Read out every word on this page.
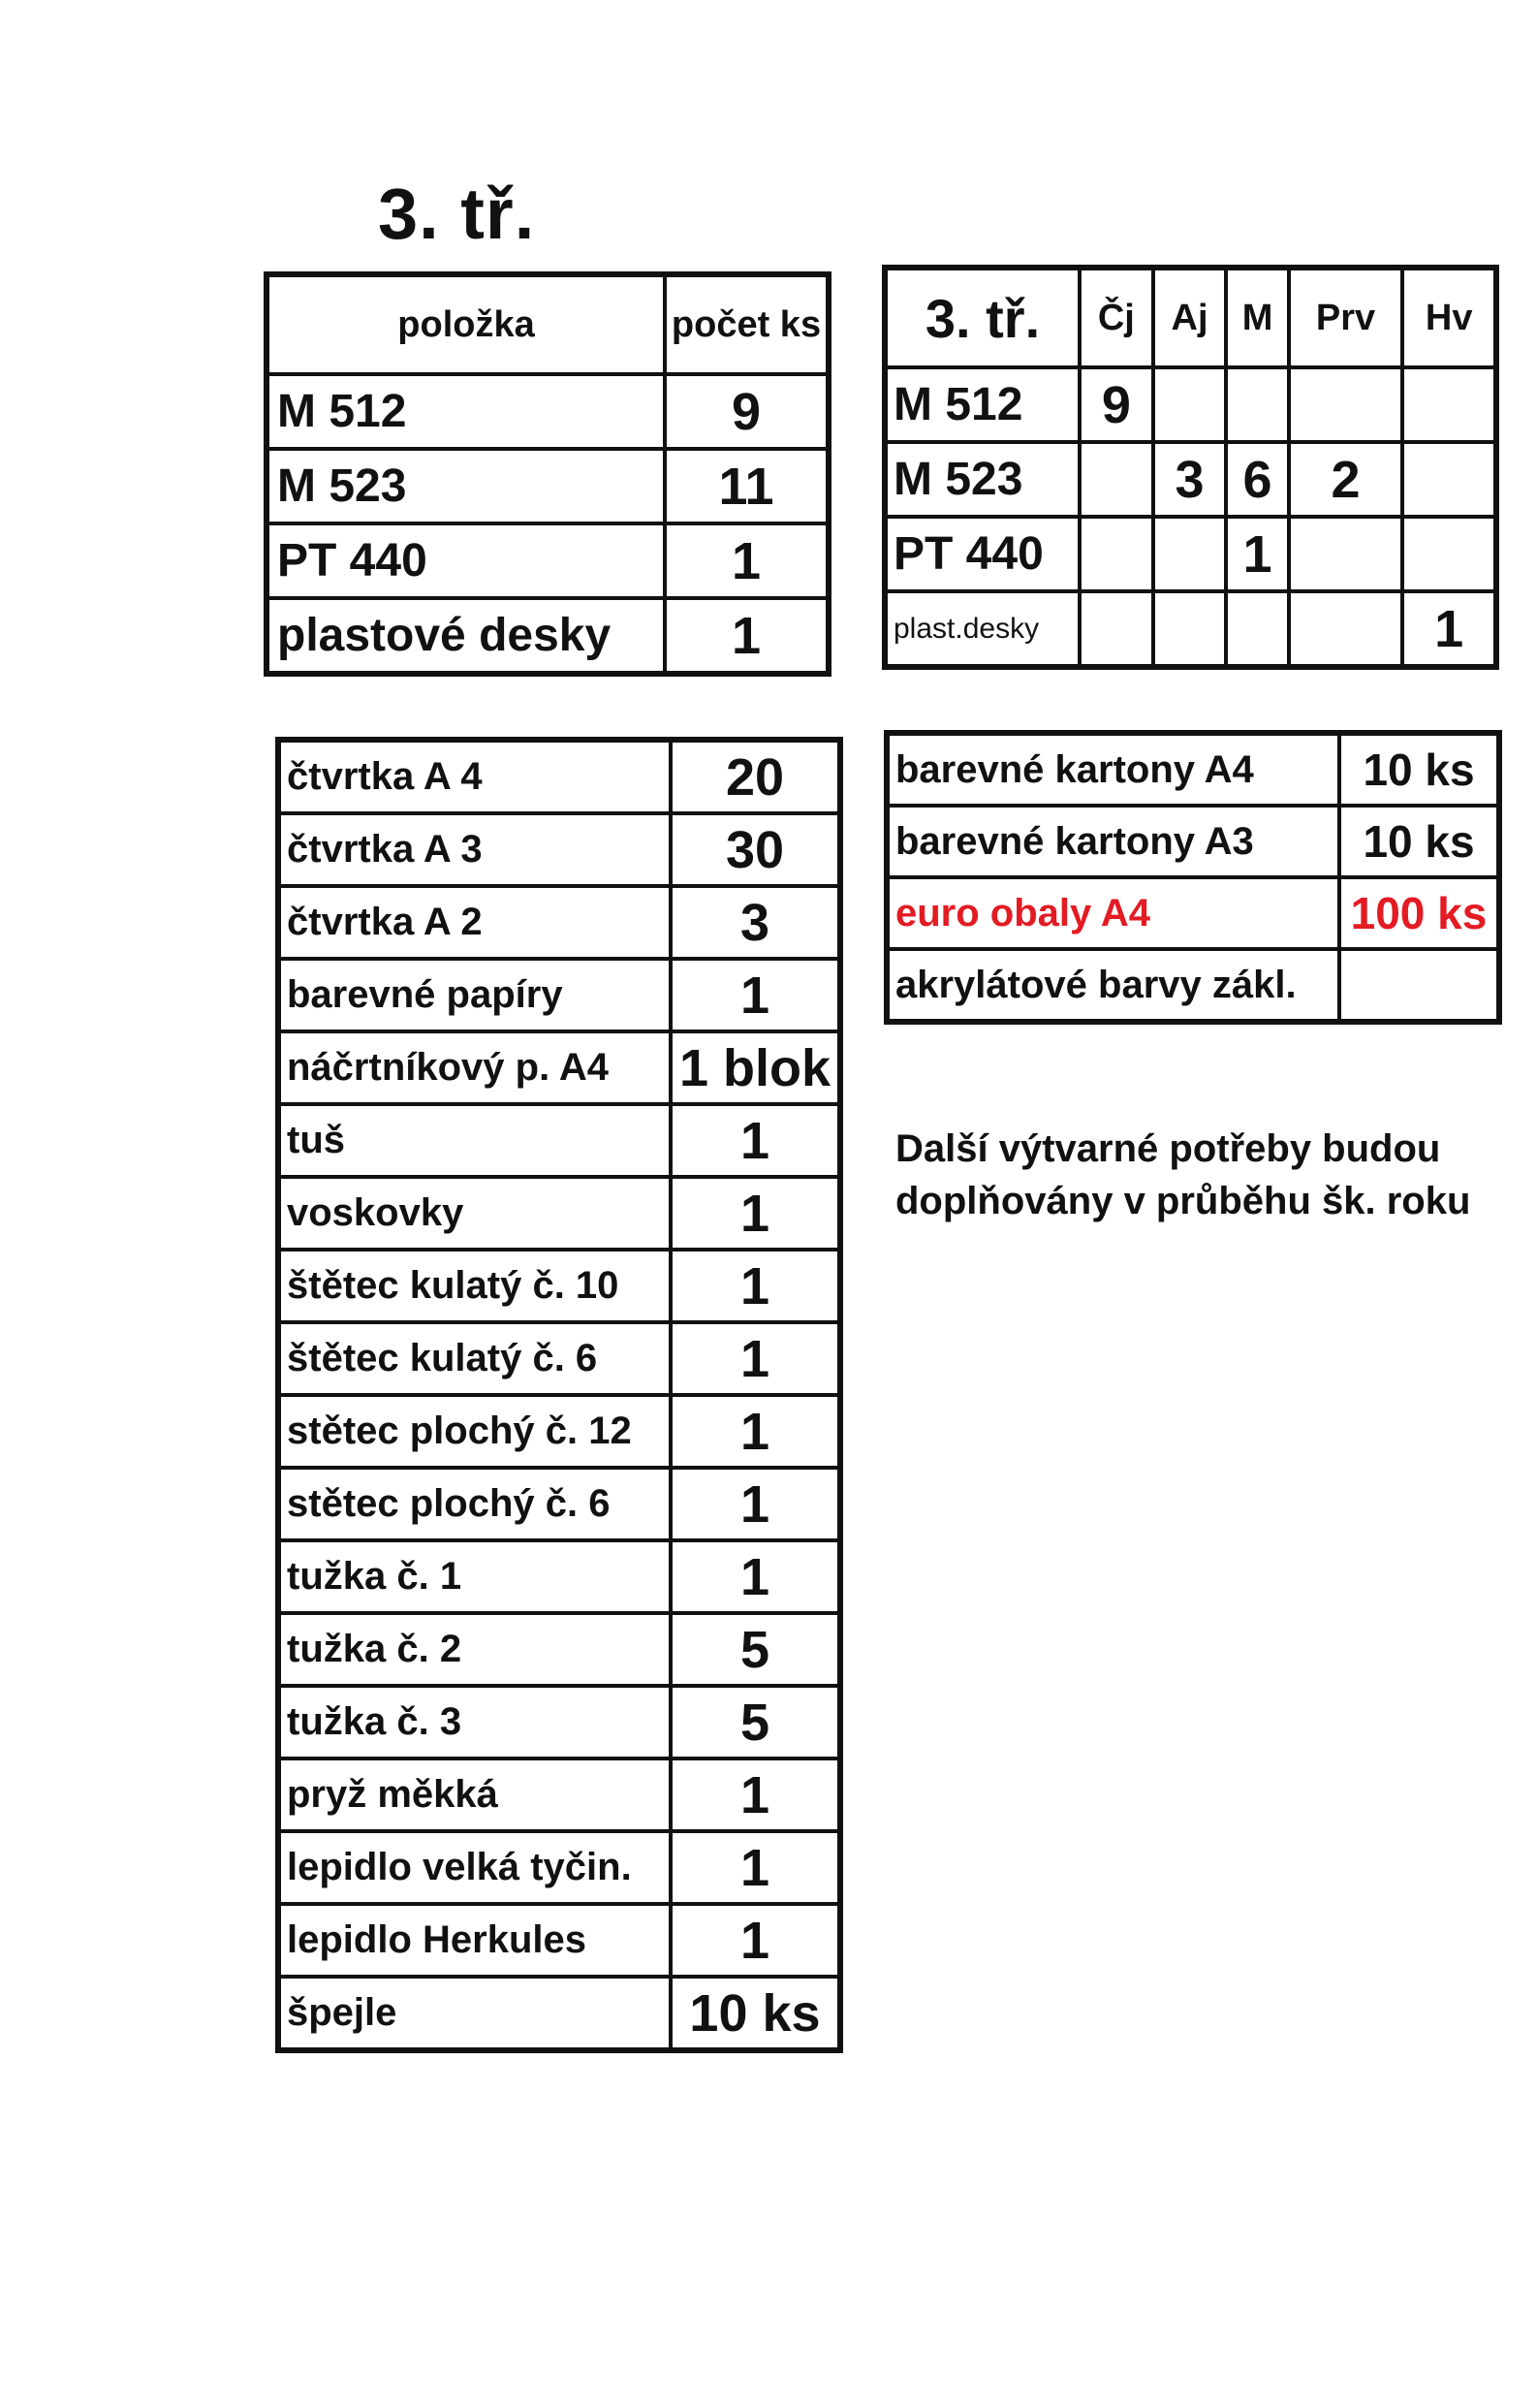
3. tř.
položka	počet ks
M 512	9
M 523	11
PT 440	1
plastové desky	1
3. tř.	Čj	Aj	M	Prv	Hv
M 512	9				
M 523		3	6	2	
PT 440			1		
plast.desky					1
čtvrtka A 4	20
čtvrtka A 3	30
čtvrtka A 2	3
barevné papíry	1
náčrtníkový p. A4	1 blok
tuš	1
voskovky	1
štětec kulatý č. 10	1
štětec kulatý č. 6	1
stětec plochý č. 12	1
stětec plochý č. 6	1
tužka č. 1	1
tužka č. 2	5
tužka č. 3	5
pryž měkká	1
lepidlo velká tyčin.	1
lepidlo Herkules	1
špejle	10 ks
barevné kartony A4	10 ks
barevné kartony A3	10 ks
euro obaly A4	100 ks
akrylátové barvy zákl.	
Další výtvarné potřeby budou doplňovány v průběhu šk. roku
